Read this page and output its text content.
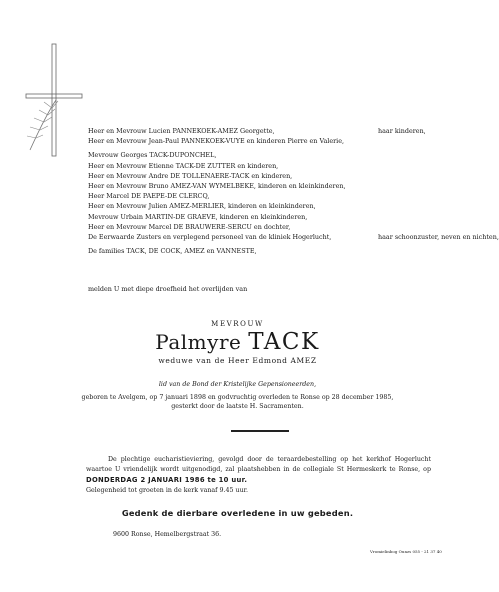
Heer en Mevrouw Lucien PANNEKOEK-AMEZ Georgette,	haar kinderen,
Heer en Mevrouw Jean-Paul PANNEKOEK-VUYE en kinderen Pierre en Valerie,
Mevrouw Georges TACK-DUPONCHEL,
Heer en Mevrouw Etienne TACK-DE ZUTTER en kinderen,
Heer en Mevrouw Andre DE TOLLENAERE-TACK en kinderen,
Heer en Mevrouw Bruno AMEZ-VAN WYMELBEKE, kinderen en kleinkinderen,
Heer Marcel DE PAEPE-DE CLERCQ,
Heer en Mevrouw Julien AMEZ-MERLIER, kinderen en kleinkinderen,
Mevrouw Urbain MARTIN-DE GRAEVE, kinderen en kleinkinderen,
Heer en Mevrouw Marcel DE BRAUWERE-SERCU en dochter,
haar schoonzuster, neven en nichten,
De Eerwaarde Zusters en verplegend personeel van de kliniek Hogerlucht,
De families TACK, DE COCK, AMEZ en VANNESTE,
melden U met diepe droefheid het overlijden van
MEVROUW
Palmyre TACK
weduwe van de Heer Edmond AMEZ
lid van de Bond der Kristelijke Gepensioneerden,
geboren te Avelgem, op 7 januari 1898 en godvruchtig overleden te Ronse op 28 december 1985,
gesterkt door de laatste H. Sacramenten.
De plechtige eucharistieviering, gevolgd door de teraardebestelling op het kerkhof Hogerlucht waartoe U vriendelijk wordt uitgenodigd, zal plaatshebben in de collegiale St Hermeskerk te Ronse, op DONDERDAG 2 JANUARI 1986 te 10 uur.
Gelegenheid tot groeten in de kerk vanaf 9.45 uur.
Gedenk de dierbare overledene in uw gebeden.
9600 Ronse, Hemelbergstraat 36.
Vromielinbog Ounzs 055 - 21 37 40
